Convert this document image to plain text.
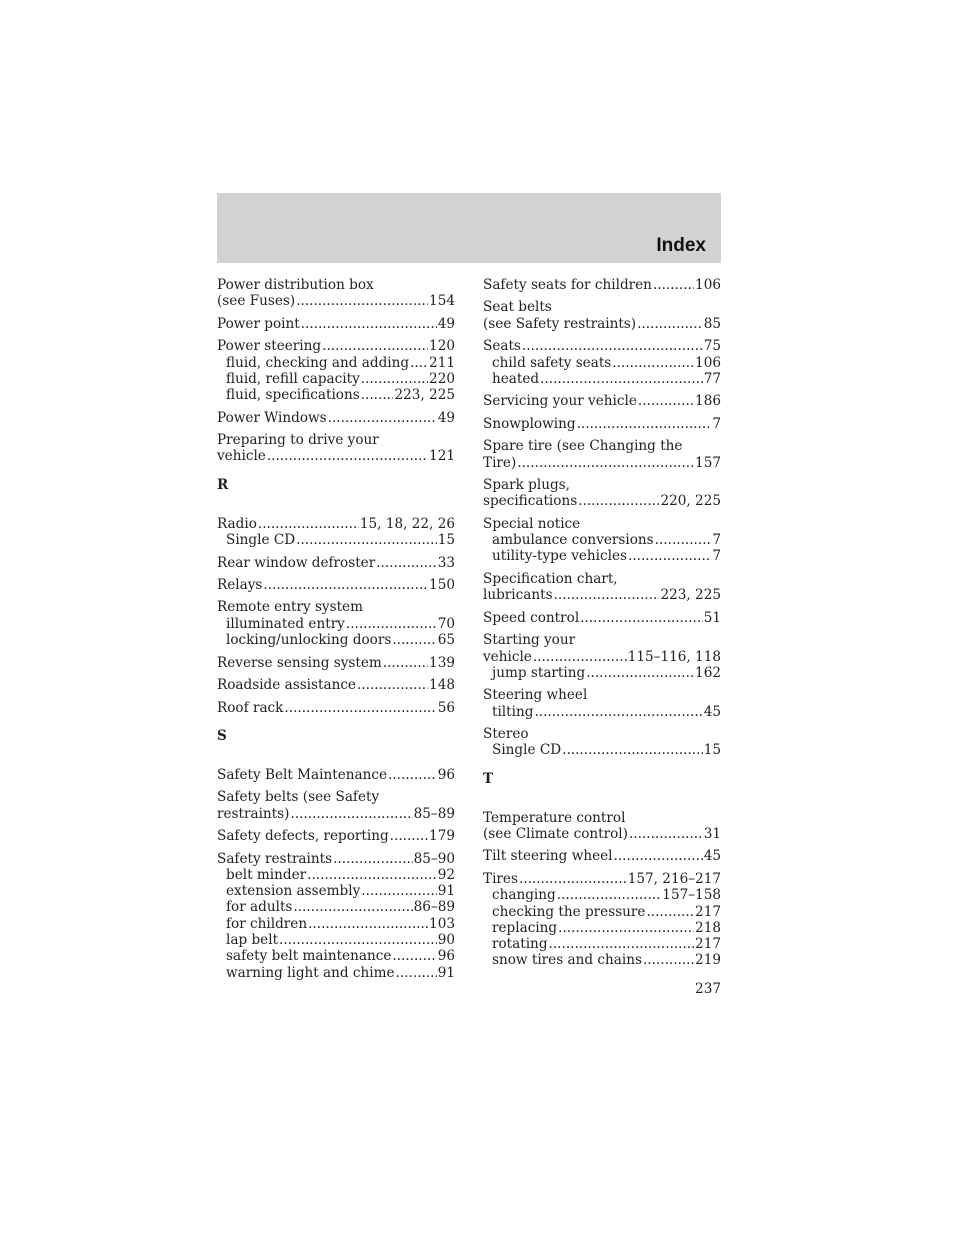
Index
Power distribution box
(see Fuses) .....	154
Power point .....	49
Power steering .....	120
fluid, checking and adding ..... 211
fluid, refill capacity .....	220
fluid, specifications .....	223, 225
Power Windows .....	49
Preparing to drive your
vehicle .....	121
R
Radio .....	15, 18, 22, 26
Single CD .....	15
Rear window defroster .....	33
Relays .....	150
Remote entry system
illuminated entry .....	70
locking/unlocking doors .....	65
Reverse sensing system .....	139
Roadside assistance .....	148
Roof rack .....	56
S
Safety Belt Maintenance .....	96
Safety belts (see Safety
restraints) .....	85–89
Safety defects, reporting .....	179
Safety restraints .....	85–90
belt minder .....	92
extension assembly .....	91
for adults .....	86–89
for children .....	103
lap belt .....	90
safety belt maintenance .....	96
warning light and chime .....	91
Safety seats for children .....	106
Seat belts
(see Safety restraints) .....	85
Seats .....	75
child safety seats .....	106
heated .....	77
Servicing your vehicle .....	186
Snowplowing .....	7
Spare tire (see Changing the
Tire) .....	157
Spark plugs,
specifications .....	220, 225
Special notice
ambulance conversions .....	7
utility-type vehicles .....	7
Specification chart,
lubricants .....	223, 225
Speed control .....	51
Starting your
vehicle .....	115–116, 118
jump starting .....	162
Steering wheel
tilting .....	45
Stereo
Single CD .....	15
T
Temperature control
(see Climate control) .....	31
Tilt steering wheel .....	45
Tires .....	157, 216–217
changing .....	157–158
checking the pressure .....	217
replacing .....	218
rotating .....	217
snow tires and chains .....	219
237
